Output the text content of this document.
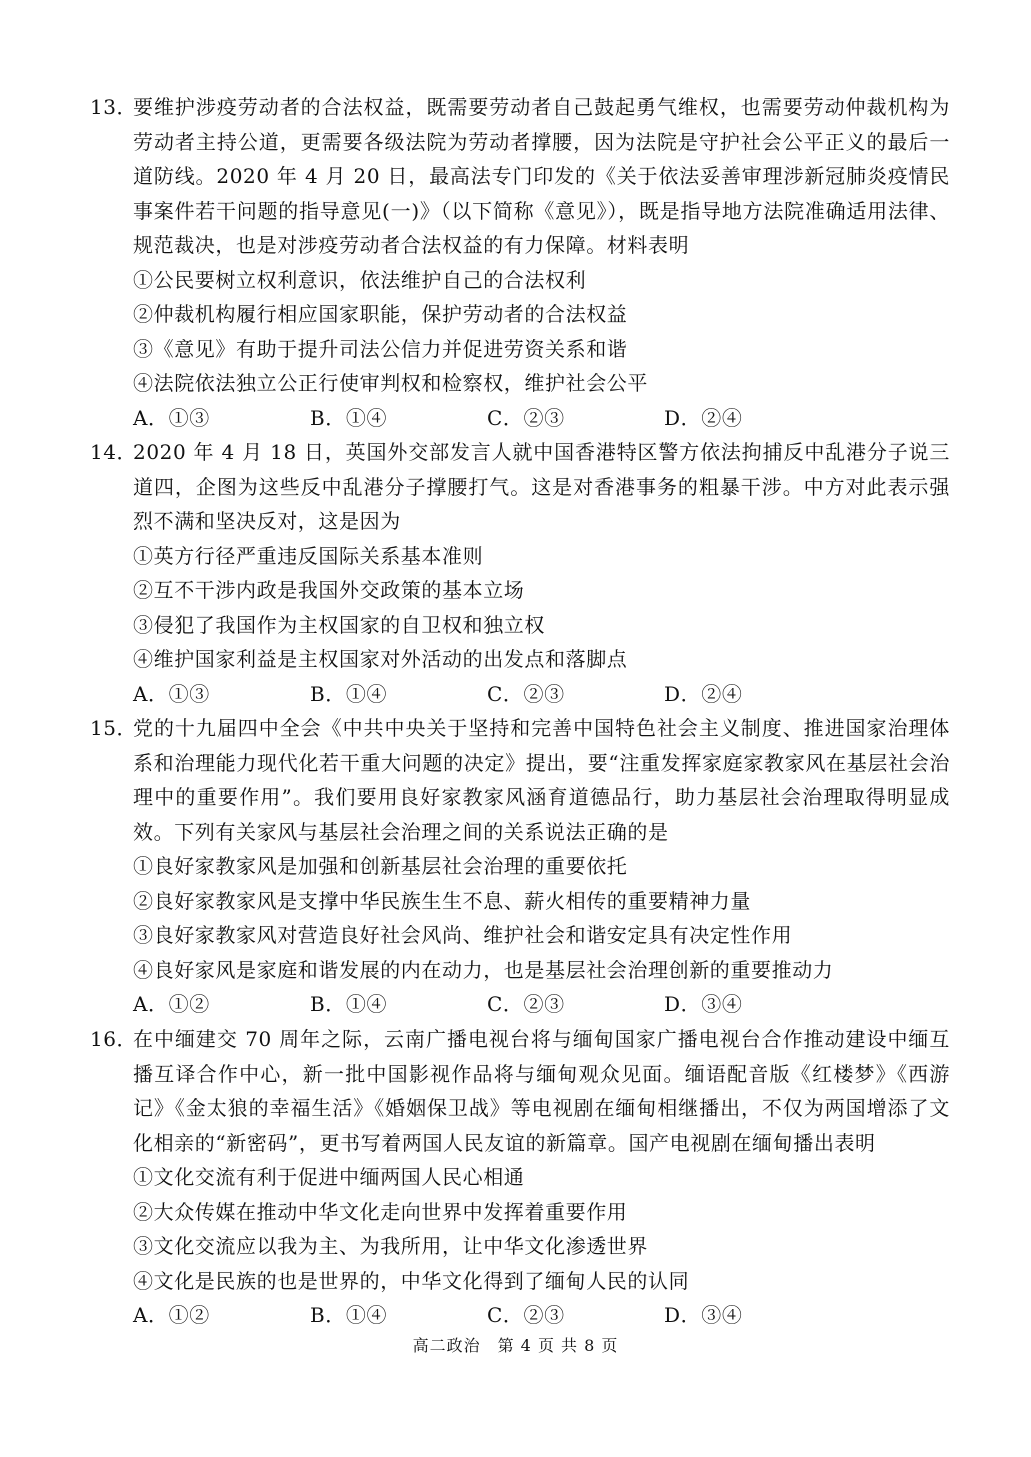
13．

要维护涉疫劳动者的合法权益，既需要劳动者自己鼓起勇气维权，也需要劳动仲裁机构为劳动者主持公道，更需要各级法院为劳动者撑腰，因为法院是守护社会公平正义的最后一道防线。2020 年 4 月 20 日，最高法专门印发的《关于依法妥善审理涉新冠肺炎疫情民事案件若干问题的指导意见(一)》（以下简称《意见》），既是指导地方法院准确适用法律、规范裁决，也是对涉疫劳动者合法权益的有力保障。材料表明

①公民要树立权利意识，依法维护自己的合法权利

②仲裁机构履行相应国家职能，保护劳动者的合法权益

③《意见》有助于提升司法公信力并促进劳资关系和谐

④法院依法独立公正行使审判权和检察权，维护社会公平

A．①③	B．①④	C．②③	D．②④
14．

2020 年 4 月 18 日，英国外交部发言人就中国香港特区警方依法拘捕反中乱港分子说三道四，企图为这些反中乱港分子撑腰打气。这是对香港事务的粗暴干涉。中方对此表示强烈不满和坚决反对，这是因为

①英方行径严重违反国际关系基本准则

②互不干涉内政是我国外交政策的基本立场

③侵犯了我国作为主权国家的自卫权和独立权

④维护国家利益是主权国家对外活动的出发点和落脚点

A．①③	B．①④	C．②③	D．②④
15．

党的十九届四中全会《中共中央关于坚持和完善中国特色社会主义制度、推进国家治理体系和治理能力现代化若干重大问题的决定》提出，要“注重发挥家庭家教家风在基层社会治理中的重要作用”。我们要用良好家教家风涵育道德品行，助力基层社会治理取得明显成效。下列有关家风与基层社会治理之间的关系说法正确的是

①良好家教家风是加强和创新基层社会治理的重要依托

②良好家教家风是支撑中华民族生生不息、薪火相传的重要精神力量

③良好家教家风对营造良好社会风尚、维护社会和谐安定具有决定性作用

④良好家风是家庭和谐发展的内在动力，也是基层社会治理创新的重要推动力

A．①②	B．①④	C．②③	D．③④
16．

在中缅建交 70 周年之际，云南广播电视台将与缅甸国家广播电视台合作推动建设中缅互播互译合作中心，新一批中国影视作品将与缅甸观众见面。缅语配音版《红楼梦》《西游记》《金太狼的幸福生活》《婚姻保卫战》等电视剧在缅甸相继播出，不仅为两国增添了文化相亲的“新密码”，更书写着两国人民友谊的新篇章。国产电视剧在缅甸播出表明

①文化交流有利于促进中缅两国人民心相通

②大众传媒在推动中华文化走向世界中发挥着重要作用

③文化交流应以我为主、为我所用，让中华文化渗透世界

④文化是民族的也是世界的，中华文化得到了缅甸人民的认同

A．①②	B．①④	C．②③	D．③④
高二政治　第 4 页 共 8 页
